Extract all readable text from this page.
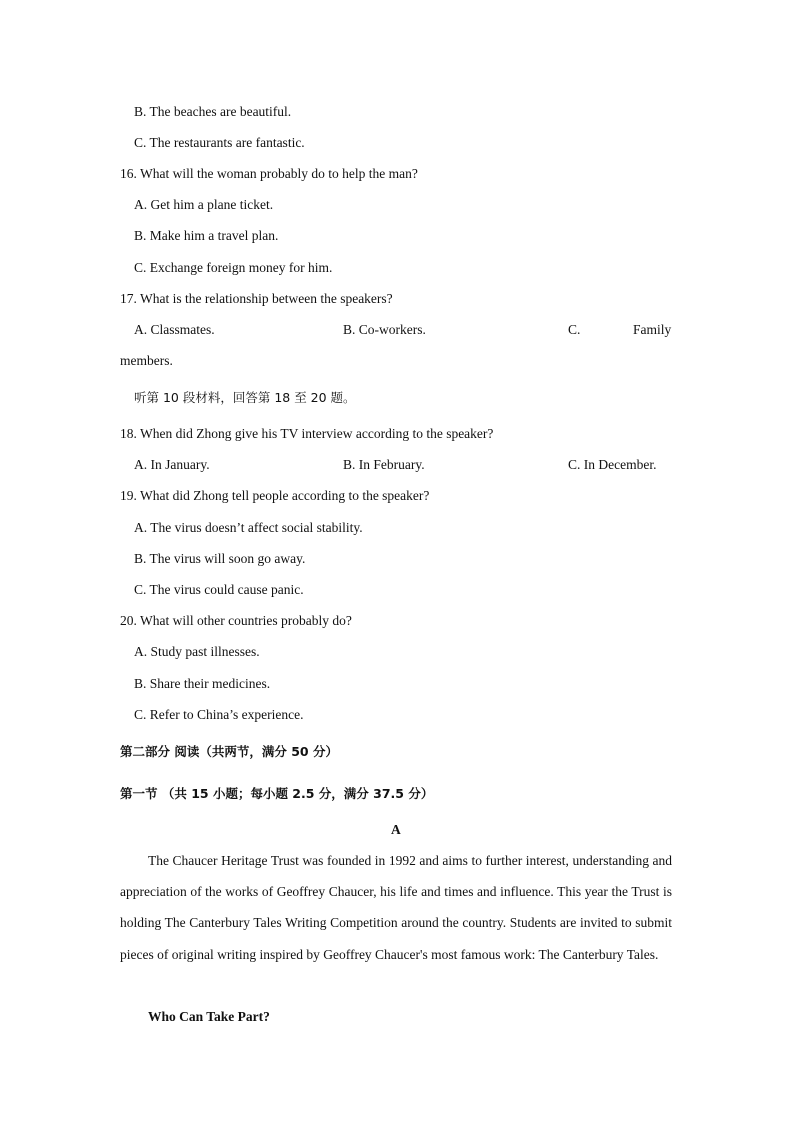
B. The beaches are beautiful.
C. The restaurants are fantastic.
16. What will the woman probably do to help the man?
A. Get him a plane ticket.
B. Make him a travel plan.
C. Exchange foreign money for him.
17. What is the relationship between the speakers?
A. Classmates.	B. Co-workers.	C.	Family
members.
听第 10 段材料，回答第 18 至 20 题。
18. When did Zhong give his TV interview according to the speaker?
A. In January.	B. In February.	C. In December.
19. What did Zhong tell people according to the speaker?
A. The virus doesn’t affect social stability.
B. The virus will soon go away.
C. The virus could cause panic.
20. What will other countries probably do?
A. Study past illnesses.
B. Share their medicines.
C. Refer to China’s experience.
第二部分 阅读（共两节，满分 50 分）
第一节 （共 15 小题；每小题 2.5 分，满分 37.5 分）
A
The Chaucer Heritage Trust was founded in 1992 and aims to further interest, understanding and appreciation of the works of Geoffrey Chaucer, his life and times and influence. This year the Trust is holding The Canterbury Tales Writing Competition around the country. Students are invited to submit pieces of original writing inspired by Geoffrey Chaucer's most famous work: The Canterbury Tales.
Who Can Take Part?
